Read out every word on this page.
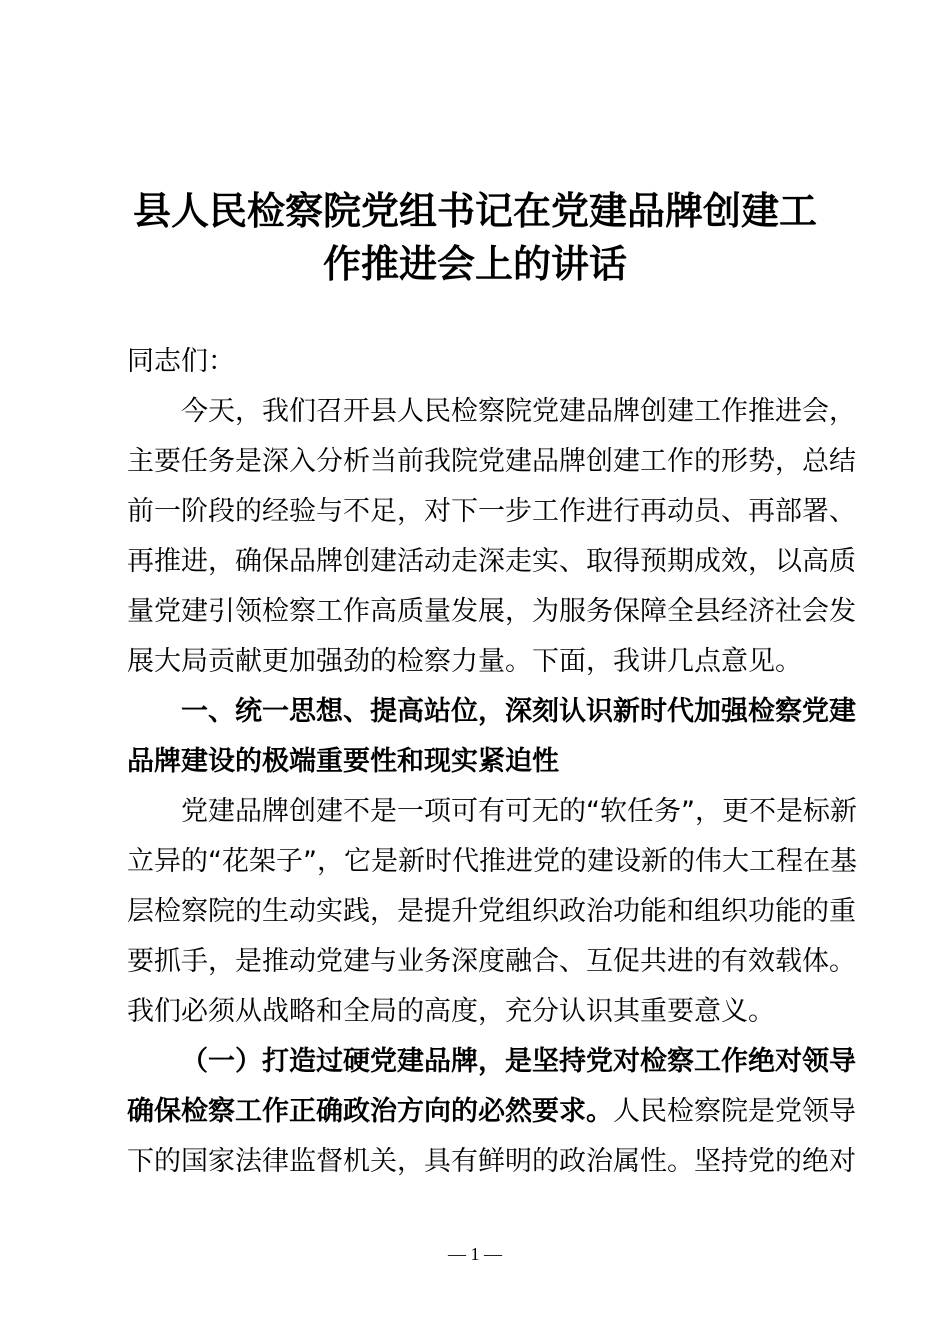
县人民检察院党组书记在党建品牌创建工
作推进会上的讲话
同志们：
今天，我们召开县人民检察院党建品牌创建工作推进会，
主要任务是深入分析当前我院党建品牌创建工作的形势，总结
前一阶段的经验与不足，对下一步工作进行再动员、再部署、
再推进，确保品牌创建活动走深走实、取得预期成效，以高质
量党建引领检察工作高质量发展，为服务保障全县经济社会发
展大局贡献更加强劲的检察力量。下面，我讲几点意见。
一、统一思想、提高站位，深刻认识新时代加强检察党建
品牌建设的极端重要性和现实紧迫性
党建品牌创建不是一项可有可无的“软任务”，更不是标新
立异的“花架子”，它是新时代推进党的建设新的伟大工程在基
层检察院的生动实践，是提升党组织政治功能和组织功能的重
要抓手，是推动党建与业务深度融合、互促共进的有效载体。
我们必须从战略和全局的高度，充分认识其重要意义。
（一）打造过硬党建品牌，是坚持党对检察工作绝对领导
确保检察工作正确政治方向的必然要求。人民检察院是党领导
下的国家法律监督机关，具有鲜明的政治属性。坚持党的绝对
— 1 —
